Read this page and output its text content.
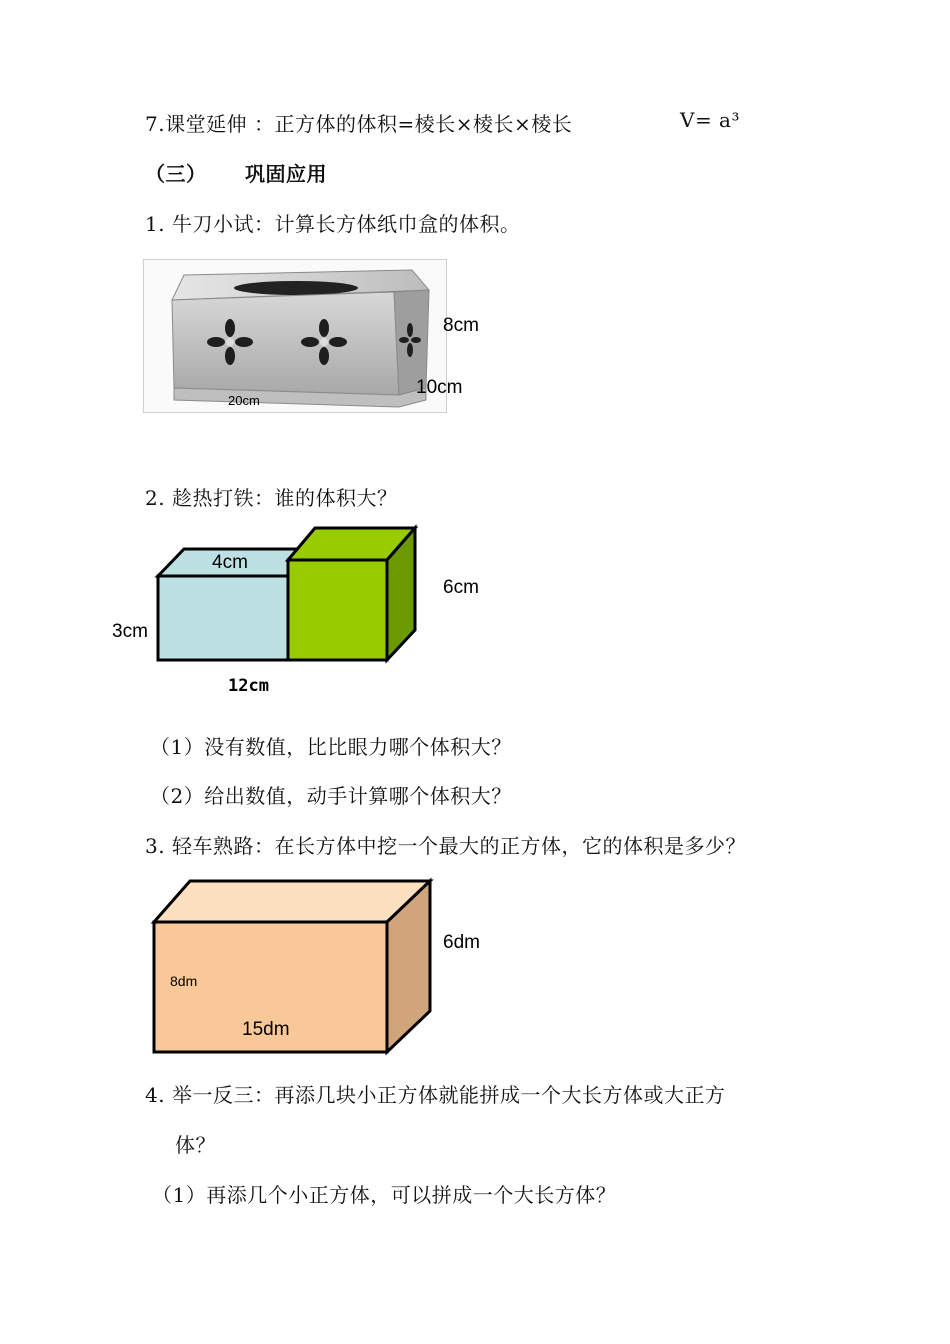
7.课堂延伸 ：正方体的体积=棱长×棱长×棱长	V= a³
（三） 巩固应用
1. 牛刀小试：计算长方体纸巾盒的体积。
20cm
8cm
10cm
2. 趁热打铁：谁的体积大？
4cm
6cm
3cm
12cm
（1）没有数值，比比眼力哪个体积大？
（2）给出数值，动手计算哪个体积大？
3. 轻车熟路：在长方体中挖一个最大的正方体，它的体积是多少？
6dm
8dm
15dm
4. 举一反三：再添几块小正方体就能拼成一个大长方体或大正方
体？
（1）再添几个小正方体，可以拼成一个大长方体？
